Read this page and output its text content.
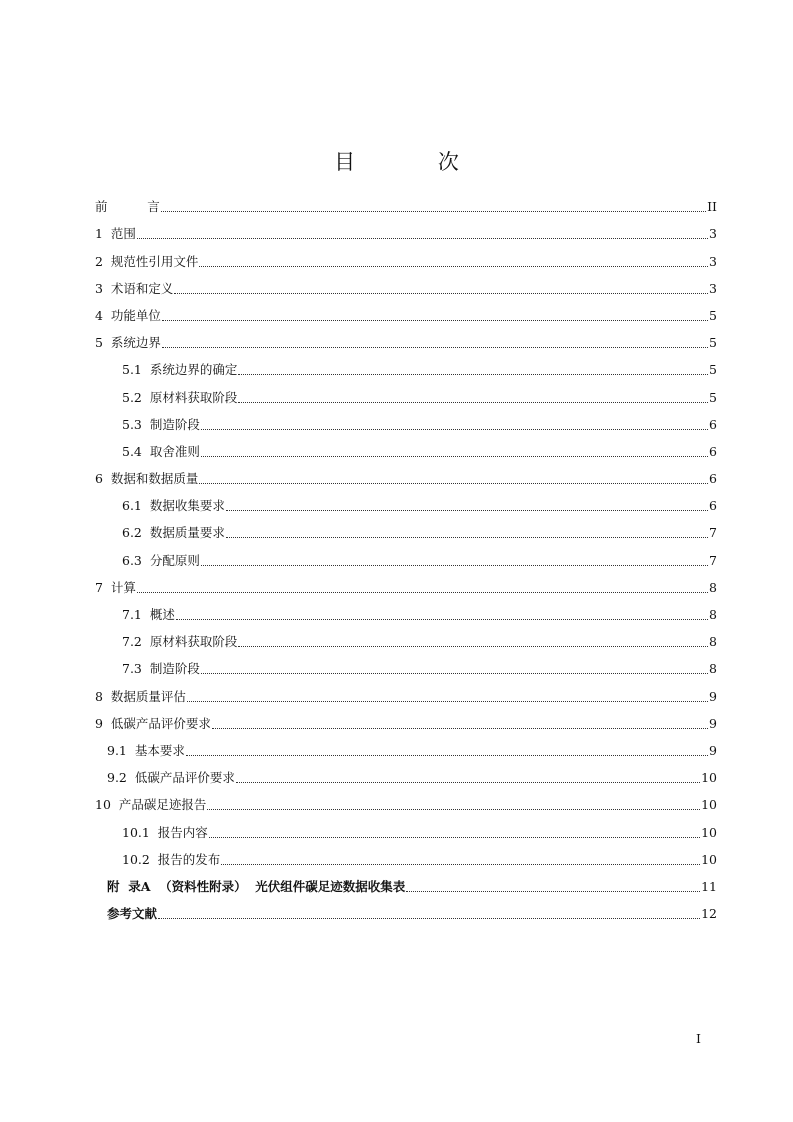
目 次
前          言	II
1  范围	3
2  规范性引用文件	3
3  术语和定义	3
4  功能单位	5
5  系统边界	5
5.1  系统边界的确定	5
5.2  原材料获取阶段	5
5.3  制造阶段	6
5.4  取舍准则	6
6  数据和数据质量	6
6.1  数据收集要求	6
6.2  数据质量要求	7
6.3  分配原则	7
7  计算	8
7.1  概述	8
7.2  原材料获取阶段	8
7.3  制造阶段	8
8  数据质量评估	9
9  低碳产品评价要求	9
9.1  基本要求	9
9.2  低碳产品评价要求	10
10  产品碳足迹报告	10
10.1  报告内容	10
10.2  报告的发布	10
附  录A  （资料性附录）  光伏组件碳足迹数据收集表	11
参考文献	12
I
